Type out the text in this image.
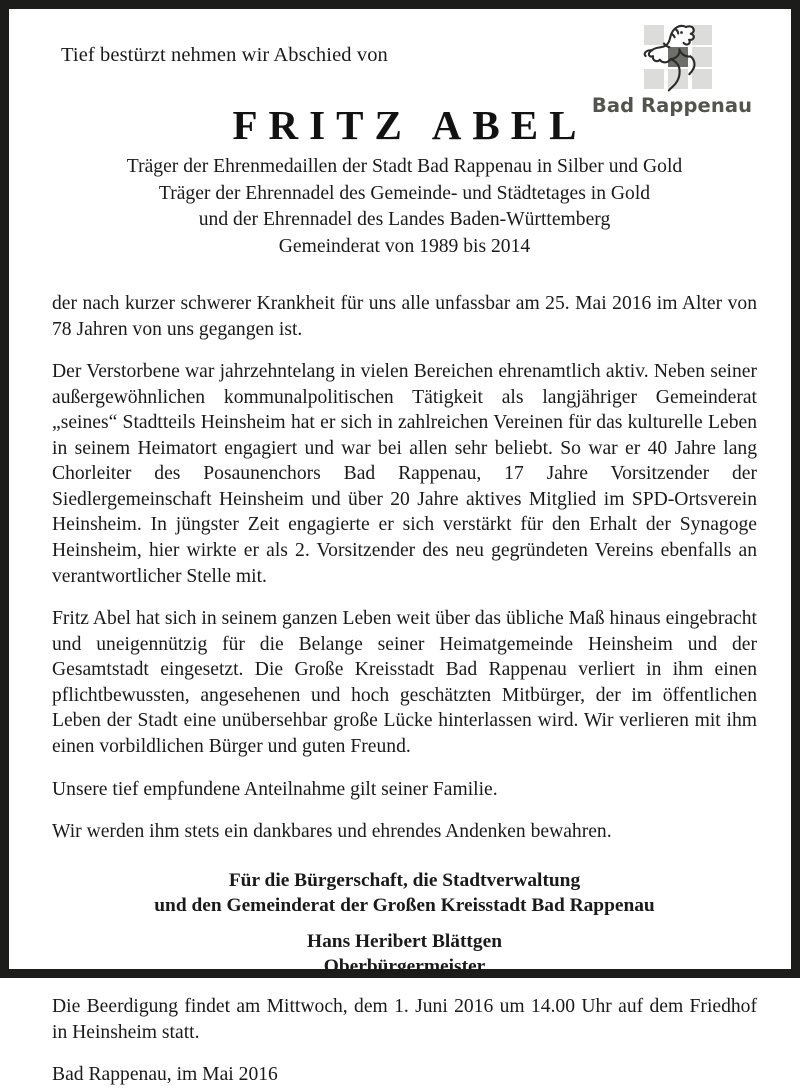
Tief bestürzt nehmen wir Abschied von
Bad Rappenau
FRITZ ABEL
Träger der Ehrenmedaillen der Stadt Bad Rappenau in Silber und Gold
Träger der Ehrennadel des Gemeinde- und Städtetages in Gold
und der Ehrennadel des Landes Baden-Württemberg
Gemeinderat von 1989 bis 2014

der nach kurzer schwerer Krankheit für uns alle unfassbar am 25. Mai 2016 im Alter von 78 Jahren von uns gegangen ist.

Der Verstorbene war jahrzehntelang in vielen Bereichen ehrenamtlich aktiv. Neben seiner außergewöhnlichen kommunalpolitischen Tätigkeit als langjähriger Gemeinderat „seines“ Stadtteils Heinsheim hat er sich in zahlreichen Vereinen für das kulturelle Leben in seinem Heimatort engagiert und war bei allen sehr beliebt. So war er 40 Jahre lang Chorleiter des Posaunenchors Bad Rappenau, 17 Jahre Vorsitzender der Siedlergemeinschaft Heinsheim und über 20 Jahre aktives Mitglied im SPD-Ortsverein Heinsheim. In jüngster Zeit engagierte er sich verstärkt für den Erhalt der Synagoge Heinsheim, hier wirkte er als 2. Vorsitzender des neu gegründeten Vereins ebenfalls an verantwortlicher Stelle mit.

Fritz Abel hat sich in seinem ganzen Leben weit über das übliche Maß hinaus eingebracht und uneigennützig für die Belange seiner Heimatgemeinde Heinsheim und der Gesamtstadt eingesetzt. Die Große Kreisstadt Bad Rappenau verliert in ihm einen pflichtbewussten, angesehenen und hoch geschätzten Mitbürger, der im öffentlichen Leben der Stadt eine unübersehbar große Lücke hinterlassen wird. Wir verlieren mit ihm einen vorbildlichen Bürger und guten Freund.

Unsere tief empfundene Anteilnahme gilt seiner Familie.

Wir werden ihm stets ein dankbares und ehrendes Andenken bewahren.

Für die Bürgerschaft, die Stadtverwaltung
und den Gemeinderat der Großen Kreisstadt Bad Rappenau
Hans Heribert Blättgen
Oberbürgermeister

Die Beerdigung findet am Mittwoch, dem 1. Juni 2016 um 14.00 Uhr auf dem Friedhof in Heinsheim statt.

Bad Rappenau, im Mai 2016
